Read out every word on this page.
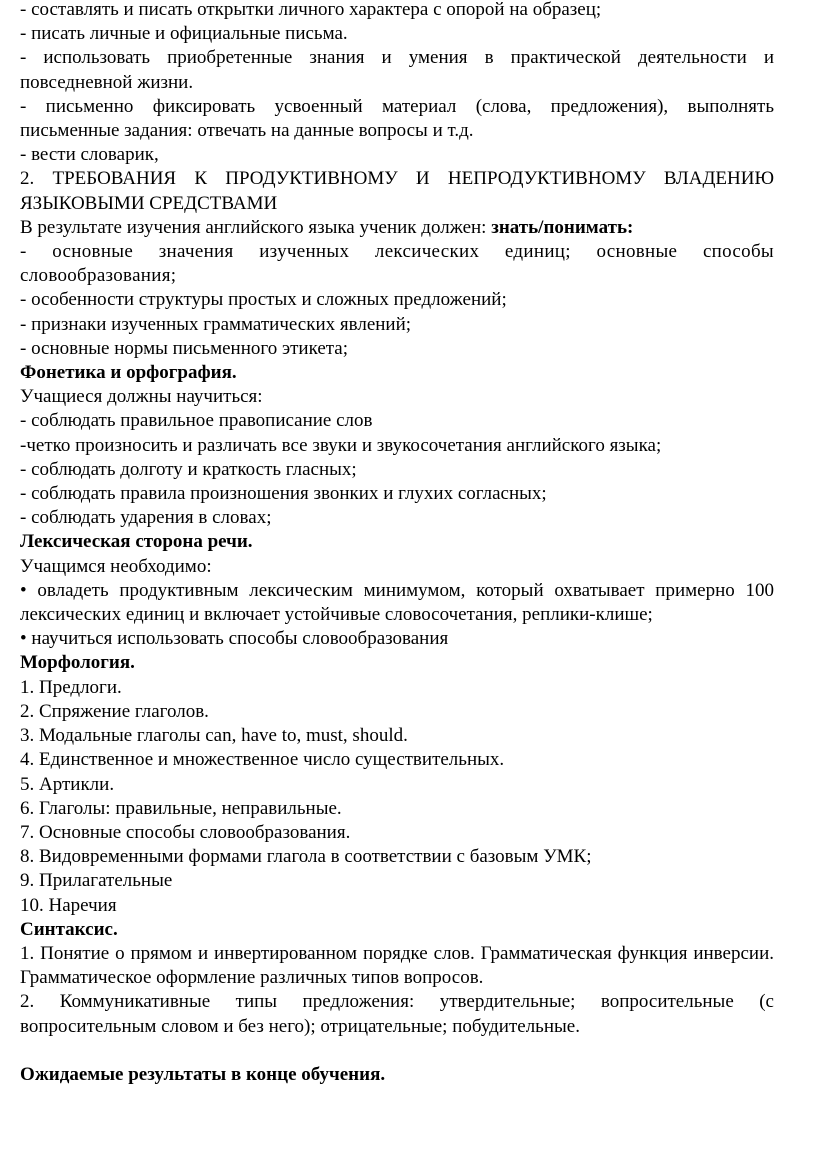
- составлять и писать открытки личного характера с опорой на образец;
- писать личные и официальные письма.
- использовать приобретенные знания и умения в практической деятельности и повседневной жизни.
- письменно фиксировать усвоенный материал (слова, предложения), выполнять письменные задания: отвечать на данные вопросы и т.д.
- вести словарик,

2. ТРЕБОВАНИЯ К ПРОДУКТИВНОМУ И НЕПРОДУКТИВНОМУ ВЛАДЕНИЮ ЯЗЫКОВЫМИ СРЕДСТВАМИ

В результате изучения английского языка ученик должен: знать/понимать:

- основные значения изученных лексических единиц; основные способы словообразования;
- особенности структуры простых и сложных предложений;
- признаки изученных грамматических явлений;
- основные нормы письменного этикета;

Фонетика и орфография.

Учащиеся должны научиться:

- соблюдать правильное правописание слов
-четко произносить и различать все звуки и звукосочетания английского языка;
- соблюдать долготу и краткость гласных;
- соблюдать правила произношения звонких и глухих согласных;
- соблюдать ударения в словах;

Лексическая сторона речи.

Учащимся необходимо:

• овладеть продуктивным лексическим минимумом, который охватывает примерно 100 лексических единиц и включает устойчивые словосочетания, реплики-клише;
• научиться использовать способы словообразования

Морфология.

1. Предлоги.
2. Спряжение глаголов.
3. Модальные глаголы can, have to, must, should.
4. Единственное и множественное число существительных.
5. Артикли.
6. Глаголы: правильные, неправильные.
7. Основные способы словообразования.
8. Видовременными формами глагола в соответствии с базовым УМК;
9. Прилагательные
10. Наречия

Синтаксис.

1. Понятие о прямом и инвертированном порядке слов. Грамматическая функция инверсии. Грамматическое оформление различных типов вопросов.
2. Коммуникативные типы предложения: утвердительные; вопросительные (с вопросительным словом и без него); отрицательные; побудительные.

Ожидаемые результаты в конце обучения.
